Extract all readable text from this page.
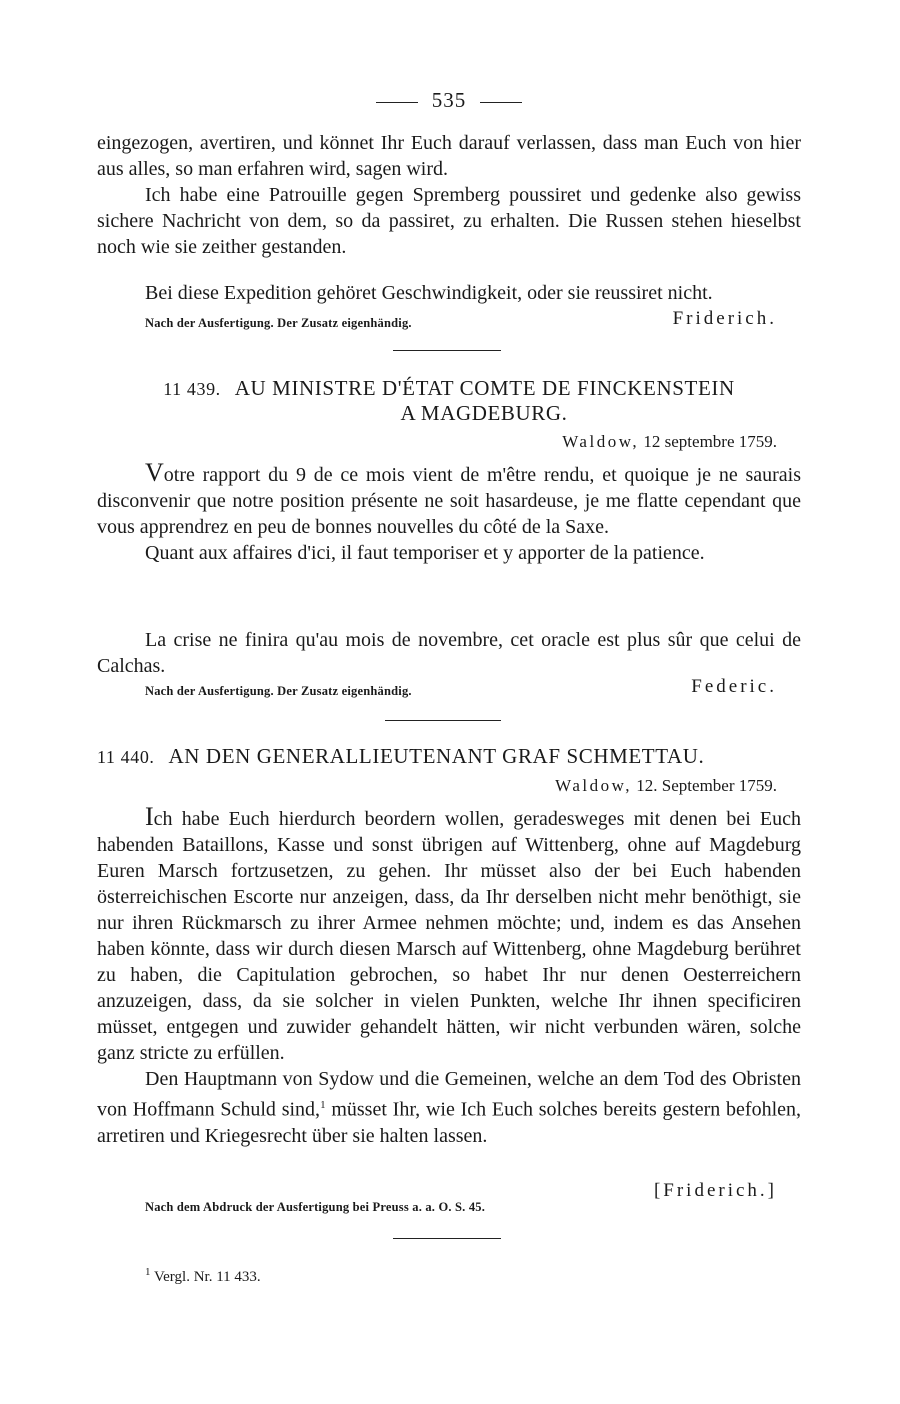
535

eingezogen, avertiren, und könnet Ihr Euch darauf verlassen, dass man Euch von hier aus alles, so man erfahren wird, sagen wird.

Ich habe eine Patrouille gegen Spremberg poussiret und gedenke also gewiss sichere Nachricht von dem, so da passiret, zu erhalten. Die Russen stehen hieselbst noch wie sie zeither gestanden.

Bei diese Expedition gehöret Geschwindigkeit, oder sie reussiret nicht.

Nach der Ausfertigung. Der Zusatz eigenhändig.	Friderich.
11 439. AU MINISTRE D'ÉTAT COMTE DE FINCKENSTEIN
A MAGDEBURG.
Waldow, 12 septembre 1759.

Votre rapport du 9 de ce mois vient de m'être rendu, et quoique je ne saurais disconvenir que notre position présente ne soit hasardeuse, je me flatte cependant que vous apprendrez en peu de bonnes nouvelles du côté de la Saxe.

Quant aux affaires d'ici, il faut temporiser et y apporter de la patience.

La crise ne finira qu'au mois de novembre, cet oracle est plus sûr que celui de Calchas.

Nach der Ausfertigung. Der Zusatz eigenhändig.	Federic.
11 440. AN DEN GENERALLIEUTENANT GRAF SCHMETTAU.
Waldow, 12. September 1759.

Ich habe Euch hierdurch beordern wollen, geradesweges mit denen bei Euch habenden Bataillons, Kasse und sonst übrigen auf Wittenberg, ohne auf Magdeburg Euren Marsch fortzusetzen, zu gehen. Ihr müsset also der bei Euch habenden österreichischen Escorte nur anzeigen, dass, da Ihr derselben nicht mehr benöthigt, sie nur ihren Rückmarsch zu ihrer Armee nehmen möchte; und, indem es das Ansehen haben könnte, dass wir durch diesen Marsch auf Wittenberg, ohne Magdeburg berühret zu haben, die Capitulation gebrochen, so habet Ihr nur denen Oesterreichern anzuzeigen, dass, da sie solcher in vielen Punkten, welche Ihr ihnen specificiren müsset, entgegen und zuwider gehandelt hätten, wir nicht verbunden wären, solche ganz stricte zu erfüllen.

Den Hauptmann von Sydow und die Gemeinen, welche an dem Tod des Obristen von Hoffmann Schuld sind,$^1$ müsset Ihr, wie Ich Euch solches bereits gestern befohlen, arretiren und Kriegesrecht über sie halten lassen.

[Friderich.]
Nach dem Abdruck der Ausfertigung bei Preuss a. a. O. S. 45.
$^1$ Vergl. Nr. 11 433.
